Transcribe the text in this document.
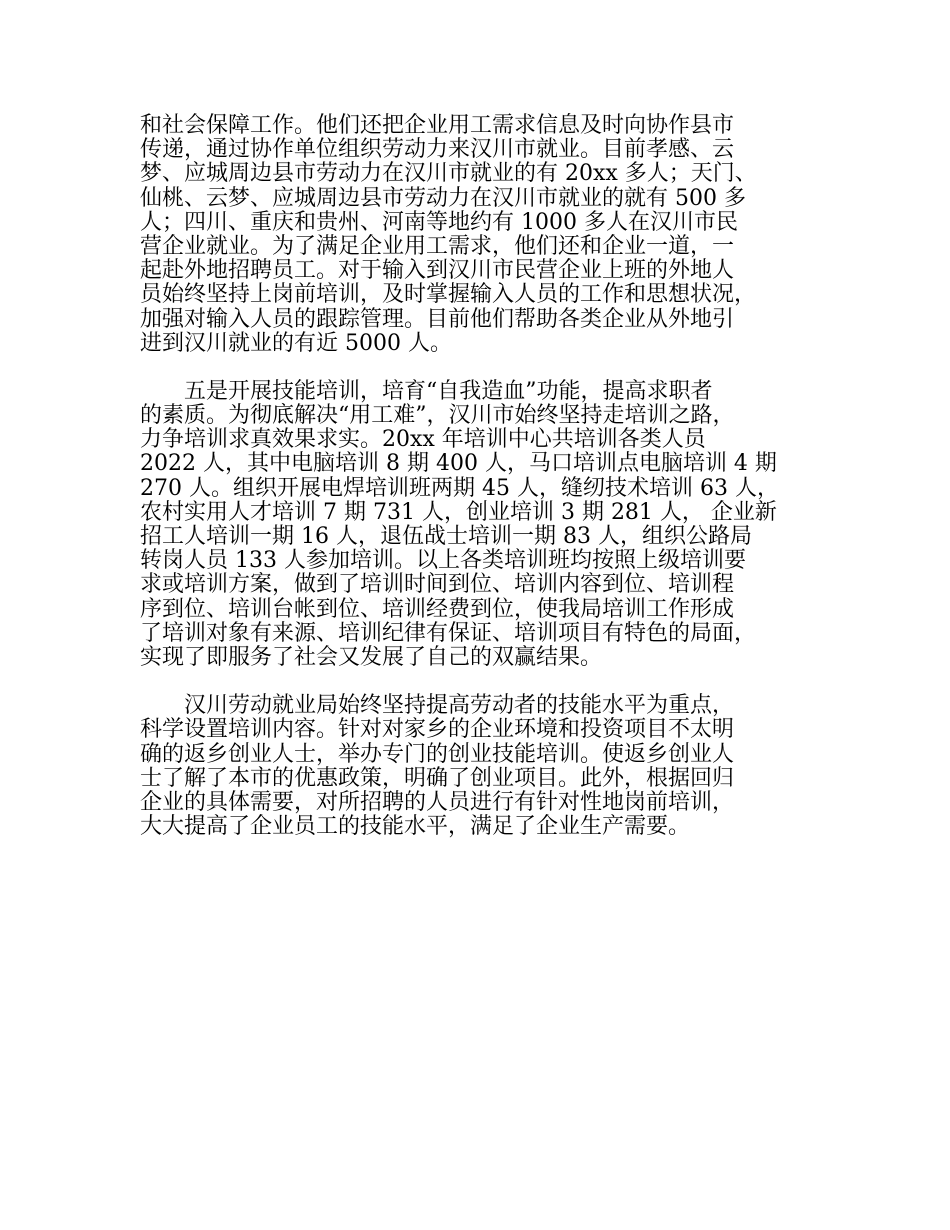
和社会保障工作。他们还把企业用工需求信息及时向协作县市
传递，通过协作单位组织劳动力来汉川市就业。目前孝感、云
梦、应城周边县市劳动力在汉川市就业的有 20xx 多人；天门、
仙桃、云梦、应城周边县市劳动力在汉川市就业的就有 500 多
人；四川、重庆和贵州、河南等地约有 1000 多人在汉川市民
营企业就业。为了满足企业用工需求，他们还和企业一道，一
起赴外地招聘员工。对于输入到汉川市民营企业上班的外地人
员始终坚持上岗前培训，及时掌握输入人员的工作和思想状况，
加强对输入人员的跟踪管理。目前他们帮助各类企业从外地引
进到汉川就业的有近 5000 人。
　　五是开展技能培训，培育“自我造血”功能，提高求职者
的素质。为彻底解决“用工难”，汉川市始终坚持走培训之路，
力争培训求真效果求实。20xx 年培训中心共培训各类人员
2022 人，其中电脑培训 8 期 400 人，马口培训点电脑培训 4 期
270 人。组织开展电焊培训班两期 45 人，缝纫技术培训 63 人，
农村实用人才培训 7 期 731 人，创业培训 3 期 281 人， 企业新
招工人培训一期 16 人，退伍战士培训一期 83 人，组织公路局
转岗人员 133 人参加培训。以上各类培训班均按照上级培训要
求或培训方案，做到了培训时间到位、培训内容到位、培训程
序到位、培训台帐到位、培训经费到位，使我局培训工作形成
了培训对象有来源、培训纪律有保证、培训项目有特色的局面，
实现了即服务了社会又发展了自己的双赢结果。
　　汉川劳动就业局始终坚持提高劳动者的技能水平为重点，
科学设置培训内容。针对对家乡的企业环境和投资项目不太明
确的返乡创业人士，举办专门的创业技能培训。使返乡创业人
士了解了本市的优惠政策，明确了创业项目。此外，根据回归
企业的具体需要，对所招聘的人员进行有针对性地岗前培训，
大大提高了企业员工的技能水平，满足了企业生产需要。
